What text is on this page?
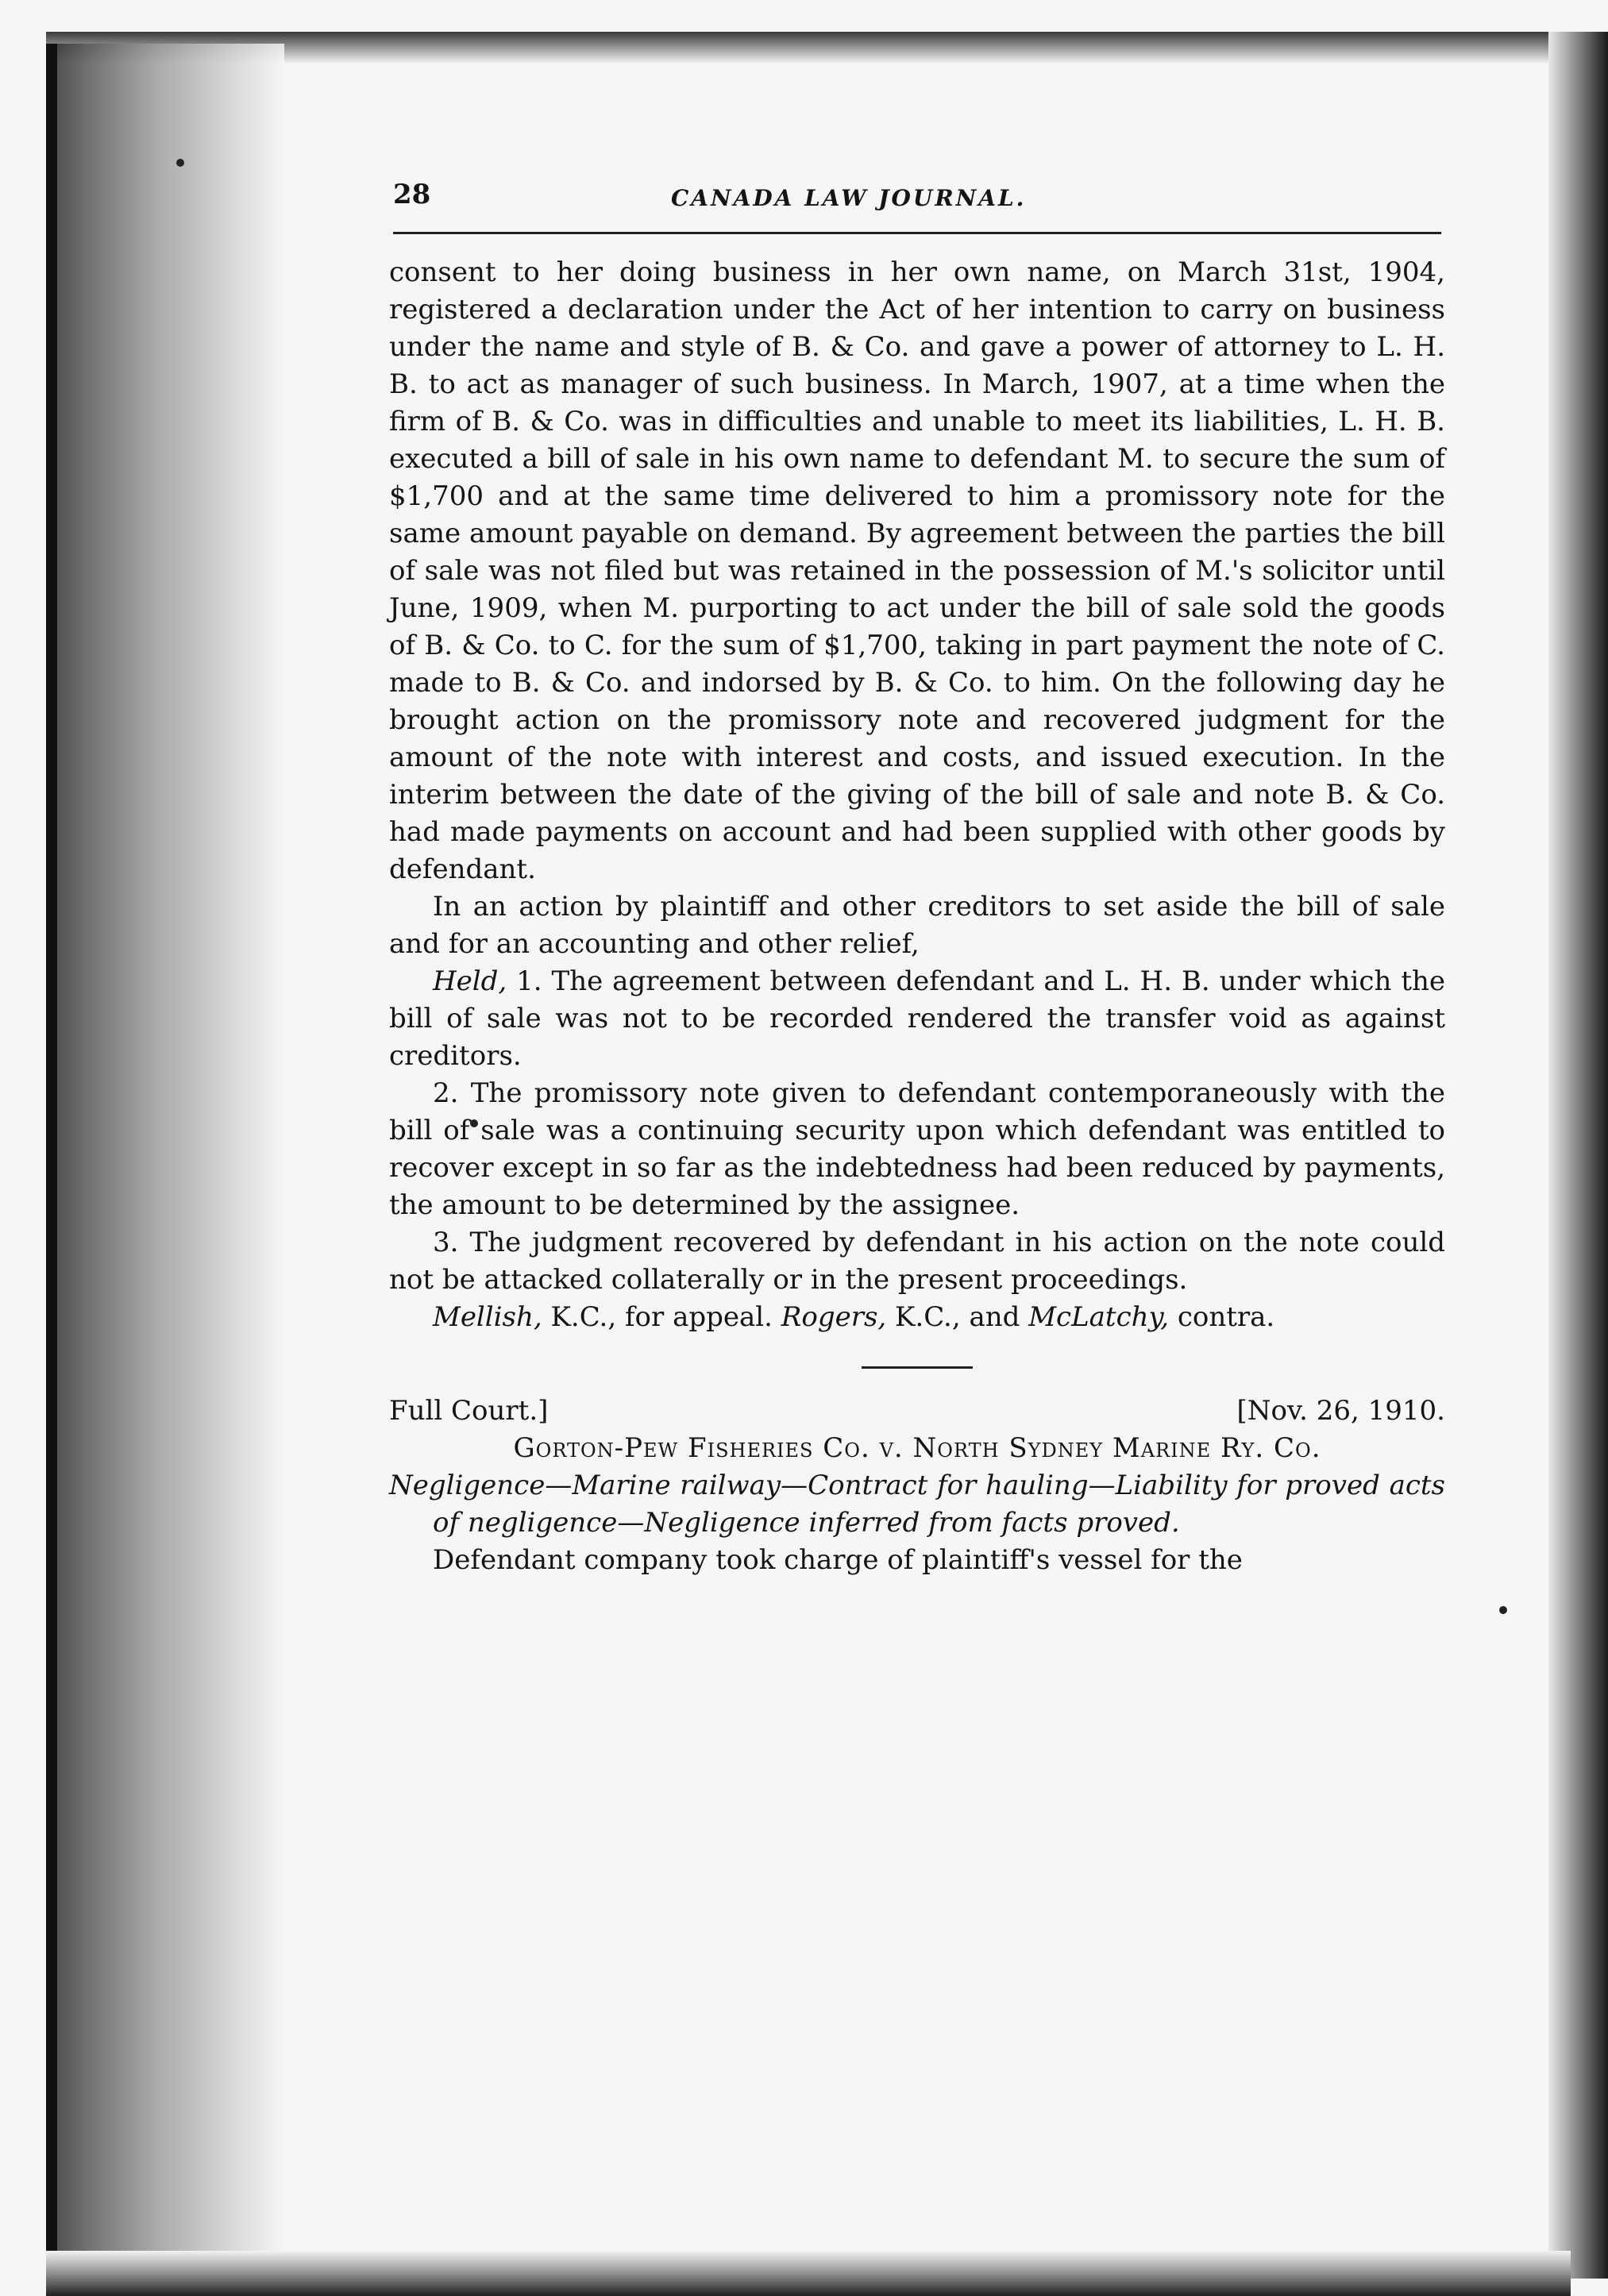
28	CANADA LAW JOURNAL.

consent to her doing business in her own name, on March 31st, 1904, registered a declaration under the Act of her intention to carry on business under the name and style of B. & Co. and gave a power of attorney to L. H. B. to act as manager of such business. In March, 1907, at a time when the firm of B. & Co. was in difficulties and unable to meet its liabilities, L. H. B. executed a bill of sale in his own name to defendant M. to secure the sum of $1,700 and at the same time delivered to him a promissory note for the same amount payable on demand. By agreement between the parties the bill of sale was not filed but was retained in the possession of M.'s solicitor until June, 1909, when M. purporting to act under the bill of sale sold the goods of B. & Co. to C. for the sum of $1,700, taking in part payment the note of C. made to B. & Co. and indorsed by B. & Co. to him. On the following day he brought action on the promissory note and recovered judgment for the amount of the note with interest and costs, and issued execution. In the interim between the date of the giving of the bill of sale and note B. & Co. had made payments on account and had been supplied with other goods by defendant.

In an action by plaintiff and other creditors to set aside the bill of sale and for an accounting and other relief,

Held, 1. The agreement between defendant and L. H. B. under which the bill of sale was not to be recorded rendered the transfer void as against creditors.

2. The promissory note given to defendant contemporaneously with the bill of sale was a continuing security upon which defendant was entitled to recover except in so far as the indebtedness had been reduced by payments, the amount to be determined by the assignee.

3. The judgment recovered by defendant in his action on the note could not be attacked collaterally or in the present proceedings.

Mellish, K.C., for appeal. Rogers, K.C., and McLatchy, contra.

Full Court.]	[Nov. 26, 1910.
Gorton-Pew Fisheries Co. v. North Sydney Marine Ry. Co.

Negligence—Marine railway—Contract for hauling—Liability for proved acts of negligence—Negligence inferred from facts proved.

Defendant company took charge of plaintiff's vessel for the
